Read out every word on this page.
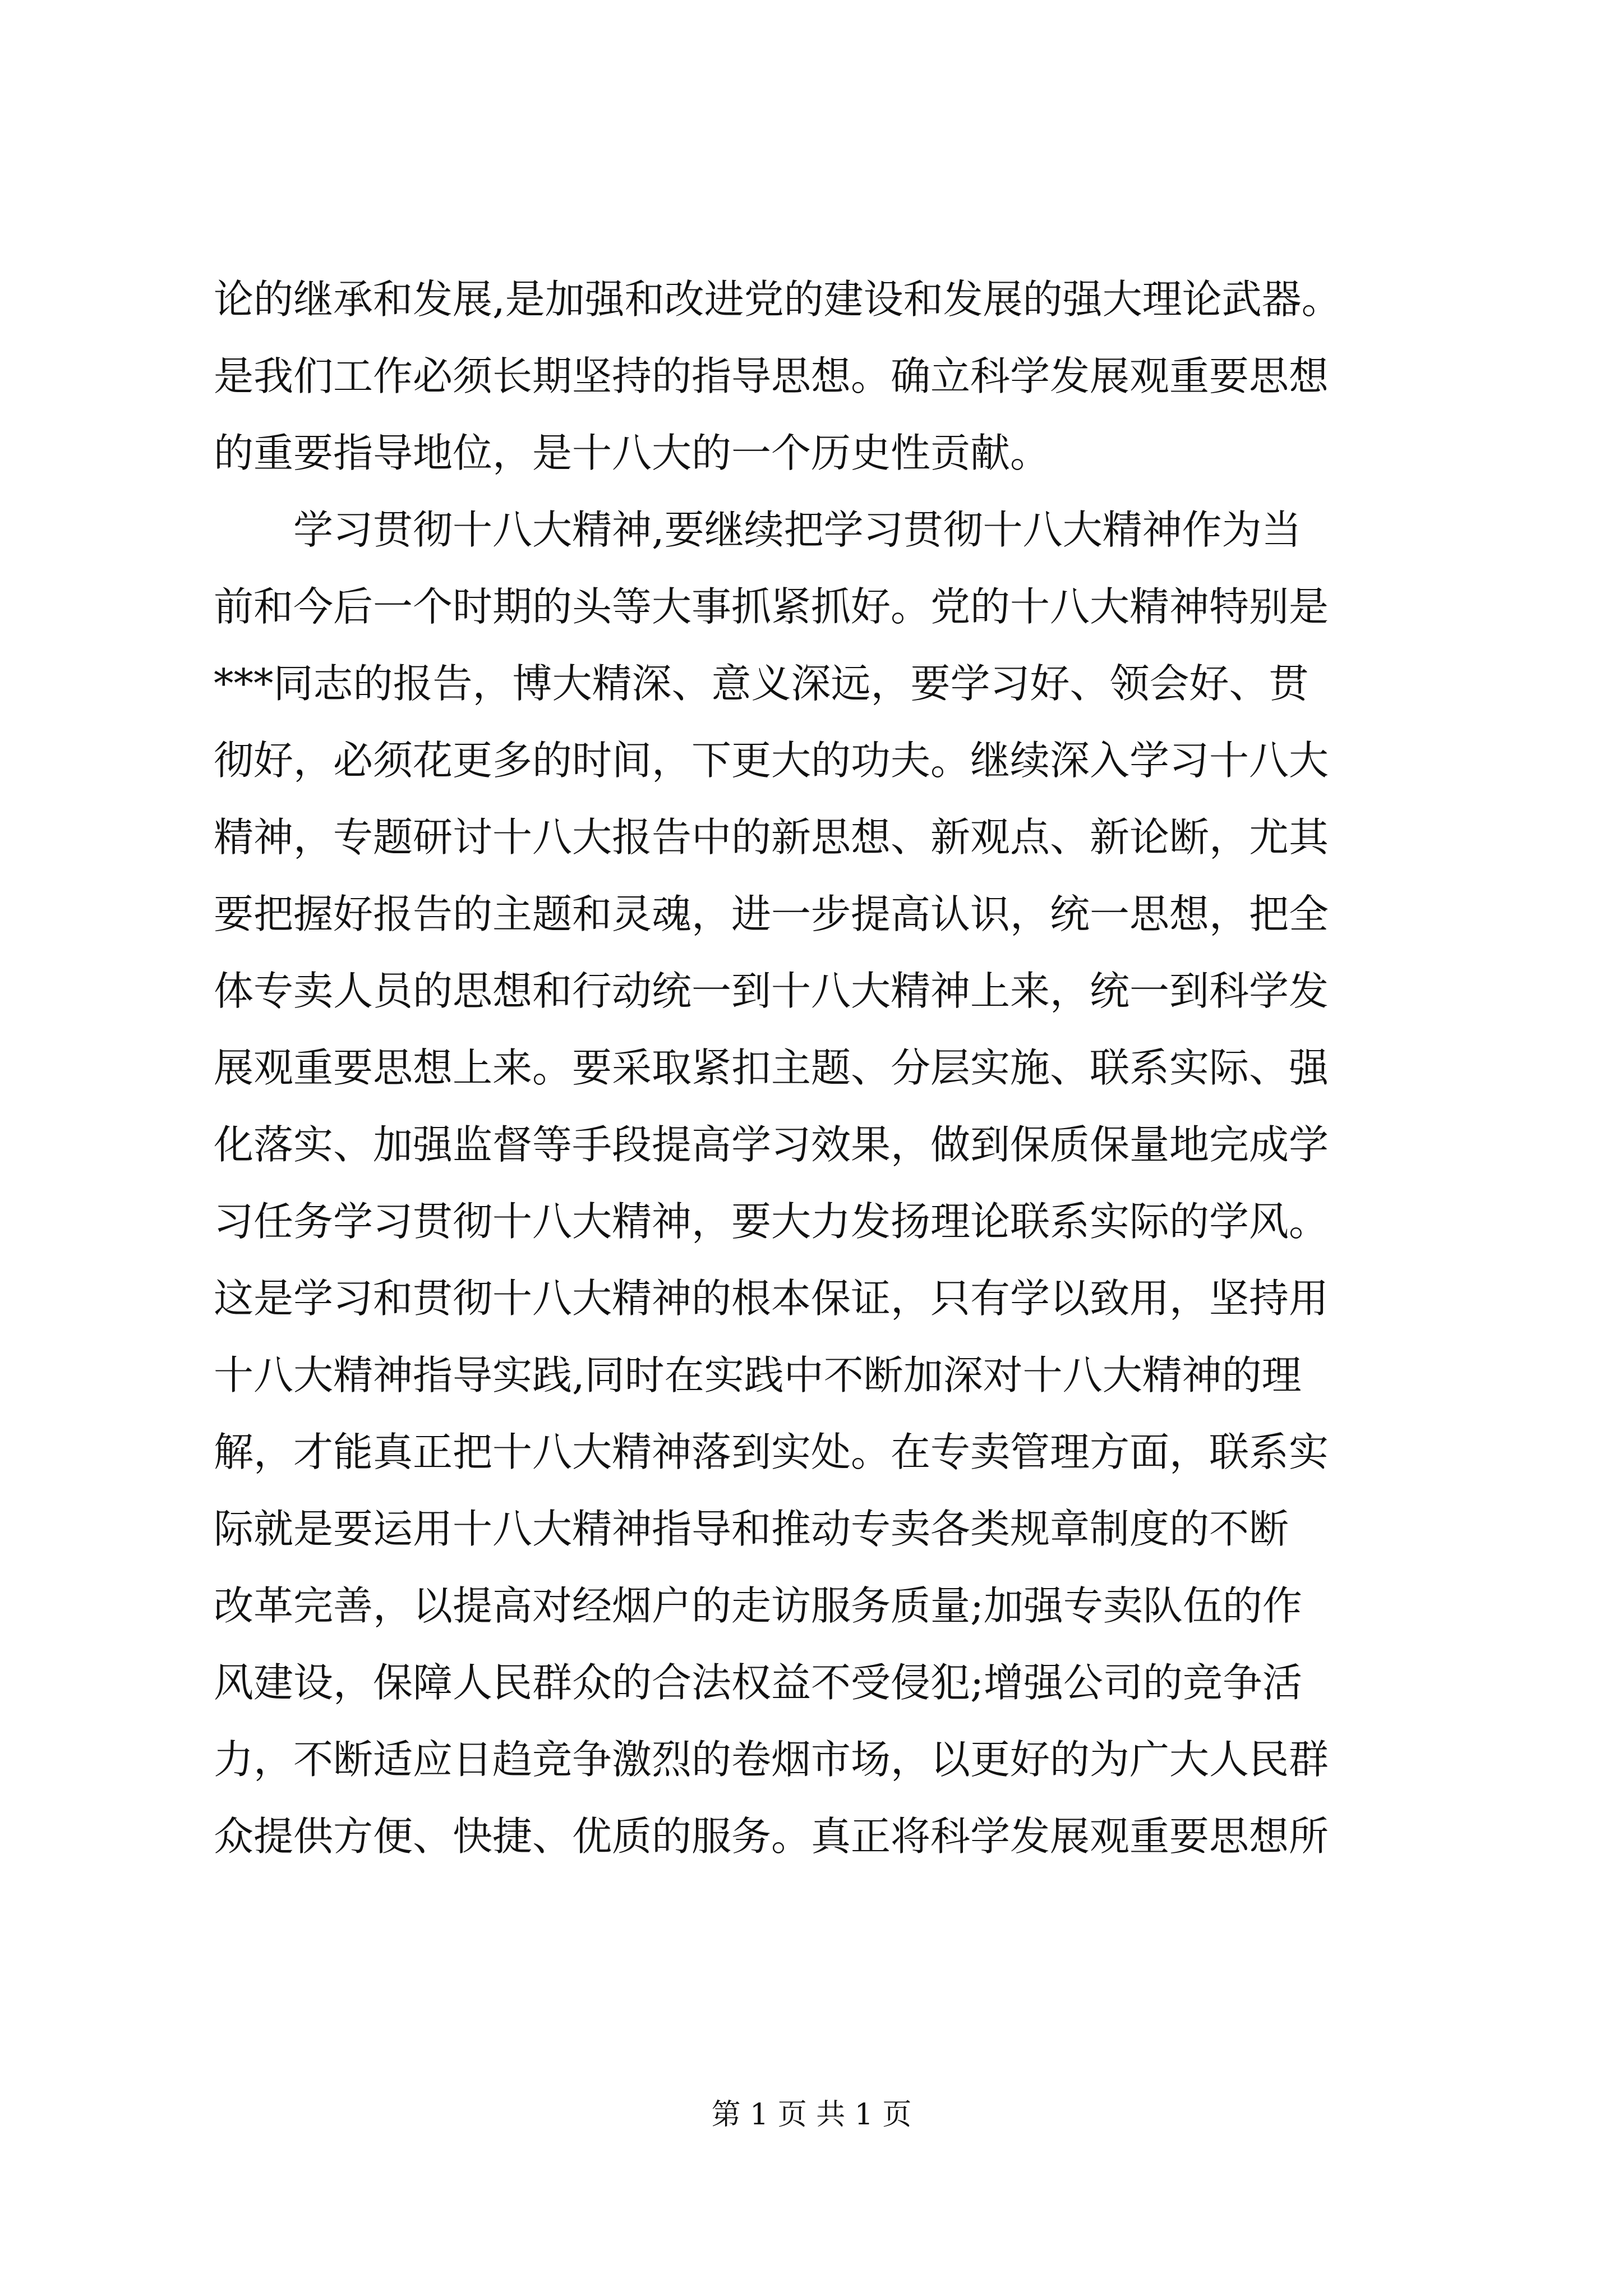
论的继承和发展,是加强和改进党的建设和发展的强大理论武器。
是我们工作必须长期坚持的指导思想。确立科学发展观重要思想
的重要指导地位，是十八大的一个历史性贡献。
　　学习贯彻十八大精神,要继续把学习贯彻十八大精神作为当
前和今后一个时期的头等大事抓紧抓好。党的十八大精神特别是
***同志的报告，博大精深、意义深远，要学习好、领会好、贯
彻好，必须花更多的时间，下更大的功夫。继续深入学习十八大
精神，专题研讨十八大报告中的新思想、新观点、新论断，尤其
要把握好报告的主题和灵魂，进一步提高认识，统一思想，把全
体专卖人员的思想和行动统一到十八大精神上来，统一到科学发
展观重要思想上来。要采取紧扣主题、分层实施、联系实际、强
化落实、加强监督等手段提高学习效果，做到保质保量地完成学
习任务学习贯彻十八大精神，要大力发扬理论联系实际的学风。
这是学习和贯彻十八大精神的根本保证，只有学以致用，坚持用
十八大精神指导实践,同时在实践中不断加深对十八大精神的理
解，才能真正把十八大精神落到实处。在专卖管理方面，联系实
际就是要运用十八大精神指导和推动专卖各类规章制度的不断
改革完善，以提高对经烟户的走访服务质量;加强专卖队伍的作
风建设，保障人民群众的合法权益不受侵犯;增强公司的竞争活
力，不断适应日趋竞争激烈的卷烟市场，以更好的为广大人民群
众提供方便、快捷、优质的服务。真正将科学发展观重要思想所
第 1 页 共 1 页
